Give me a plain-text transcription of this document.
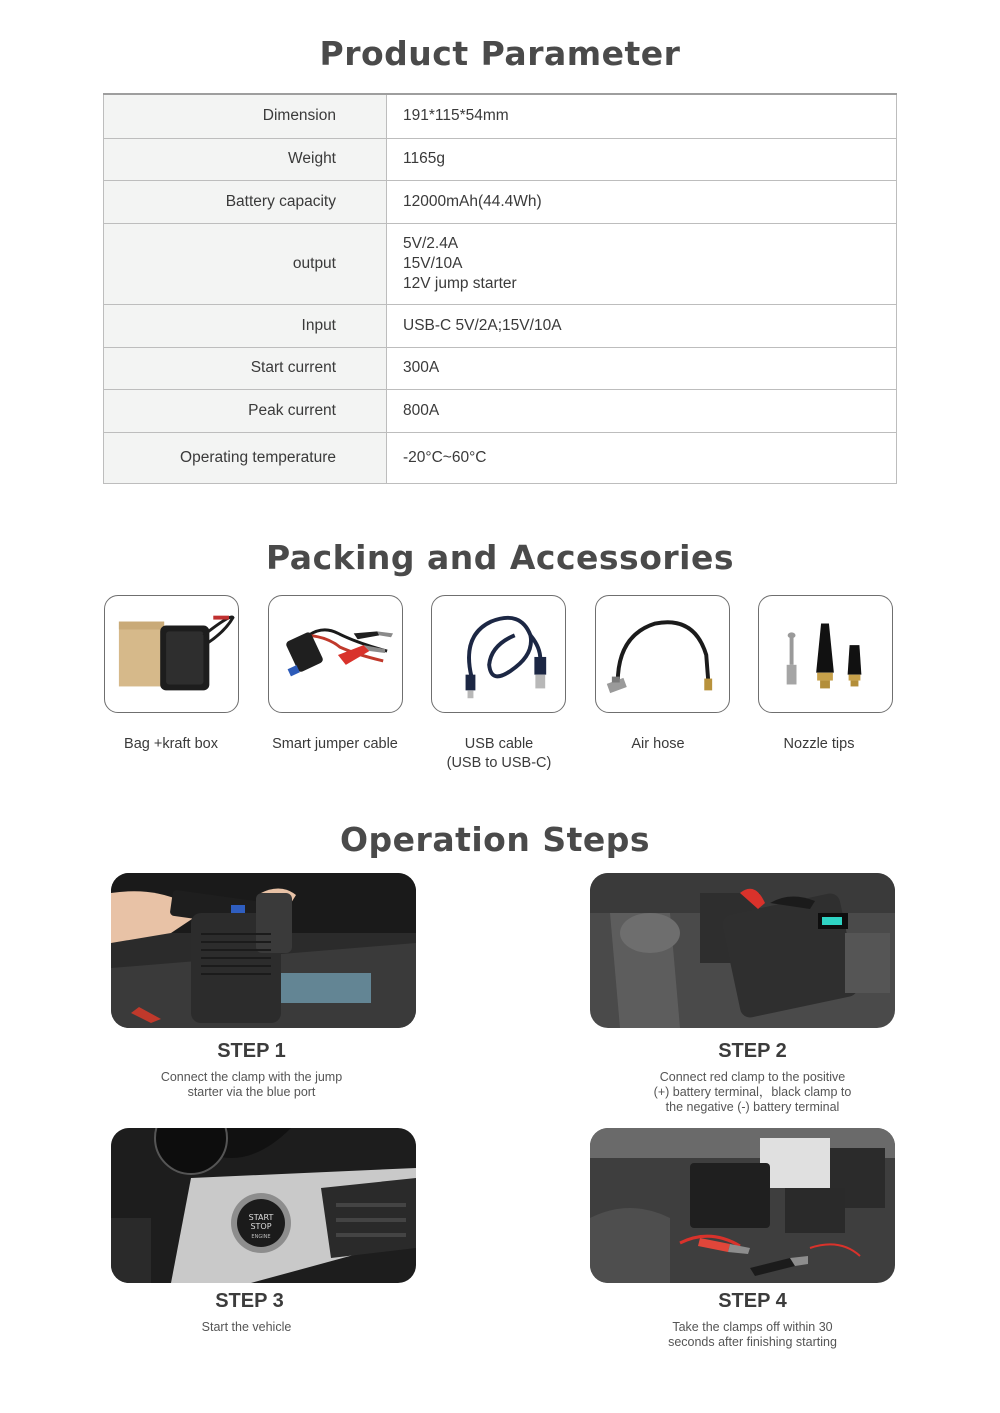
Product Parameter
Dimension	191*115*54mm
Weight	1165g
Battery capacity	12000mAh(44.4Wh)
output	5V/2.4A
15V/10A
12V jump starter

Input	USB-C 5V/2A;15V/10A
Start current	300A
Peak current	800A
Operating temperature	-20°C~60°C
Packing and Accessories
Bag +kraft box	Smart jumper cable	USB cable
(USB to USB-C)
Air hose	Nozzle tips
Operation Steps
STEP 1
Connect the clamp with the jump
starter via the blue port
STEP 2
Connect red clamp to the positive
(+) battery terminal，black clamp to
the negative (-) battery terminal
START
STOP
ENGINE
STEP 3
Start the vehicle
STEP 4
Take the clamps off within 30
seconds after finishing starting
